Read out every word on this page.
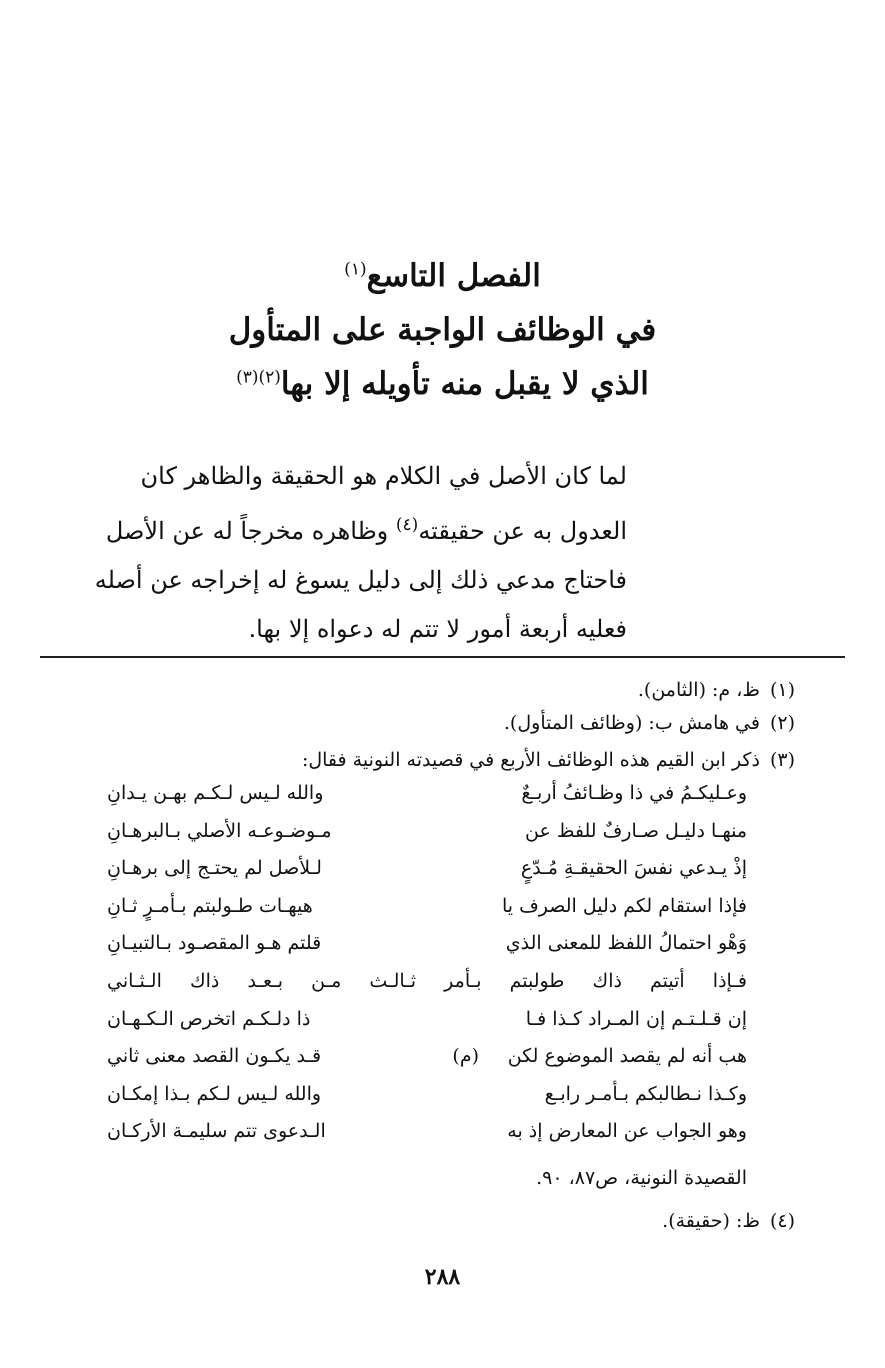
الفصل التاسع$^{(١)}$
في الوظائف الواجبة على المتأول
الذي لا يقبل منه تأويله إلا بها$^{(٢)(٣)}$

لما كان الأصل في الكلام هو الحقيقة والظاهر كان

العدول به عن حقيقته$^{(٤)}$ وظاهره مخرجاً له عن الأصل

فاحتاج مدعي ذلك إلى دليل يسوغ له إخراجه عن أصله

فعليه أربعة أمور لا تتم له دعواه إلا بها.

(١)ظ، م: (الثامن).
(٢)في هامش ب: (وظائف المتأول).
(٣)ذكر ابن القيم هذه الوظائف الأربع في قصيدته النونية فقال:
وعـليكـمُ في ذا وظـائفُ أربـعٌ
والله لـيس لـكـم بهـن يـدانِ
منهـا دليـل صـارفٌ للفظ عن
مـوضـوعـه الأصلي بـالبرهـانِ
إذْ يـدعي نفسَ الحقيقـةِ مُـدّعٍ
لـلأصل لم يحتـج إلى برهـانِ
فإذا استقام لكم دليل الصرف يا
هيهـات طـولبتم بـأمـرٍ ثـانِ
وَهْو احتمالُ اللفظ للمعنى الذي
قلتم هـو المقصـود بـالتبيـانِ
فـإذا أتيتم ذاك طولبتم بـأمر ثـالـث مـن بـعـد ذاك الـثـاني
إن قـلـتـم إن المـراد كـذا فـا
ذا دلـكـم اتخرص الـكـهـان
هب أنه لم يقصد الموضوع لكن
(م)
قـد يكـون القصد معنى ثاني
وكـذا نـطالبكم بـأمـر رابـع
والله لـيس لـكم بـذا إمكـان
وهو الجواب عن المعارض إذ به
الـدعوى تتم سليمـة الأركـان
القصيدة النونية، ص٨٧، ٩٠.
(٤)ظ: (حقيقة).
٢٨٨
